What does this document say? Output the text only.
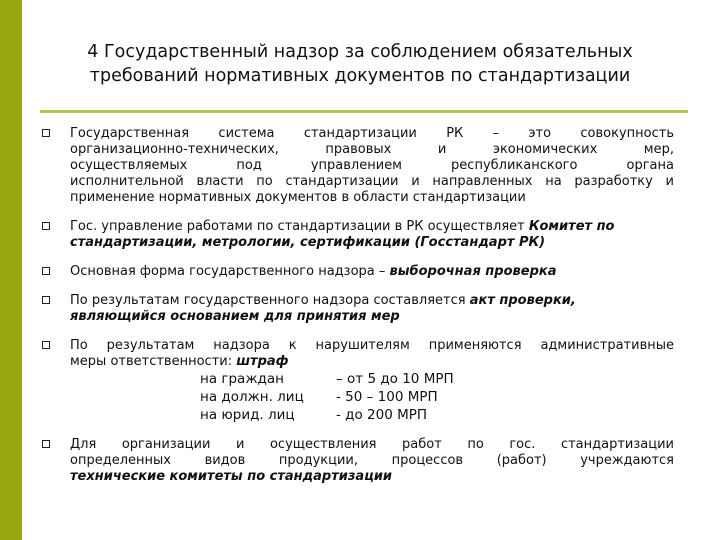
4 Государственный надзор за соблюдением обязательных
требований нормативных документов по стандартизации
Государственная система стандартизации РК – это совокупность
организационно-технических, правовых и экономических мер,
осуществляемых под управлением республиканского органа
исполнительной власти по стандартизации и направленных на разработку и
применение нормативных документов в области стандартизации
Гос. управление работами по стандартизации в РК осуществляет Комитет по
стандартизации, метрологии, сертификации (Госстандарт РК)
Основная форма государственного надзора – выборочная проверка
По результатам государственного надзора составляется акт проверки,
являющийся основанием для принятия мер
По результатам надзора к нарушителям применяются административные
меры ответственности: штраф
на граждан	– от 5 до 10 МРП
на должн. лиц	- 50 – 100 МРП
на юрид. лиц	- до 200 МРП
Для организации и осуществления работ по гос. стандартизации
определенных видов продукции, процессов (работ) учреждаются
технические комитеты по стандартизации
